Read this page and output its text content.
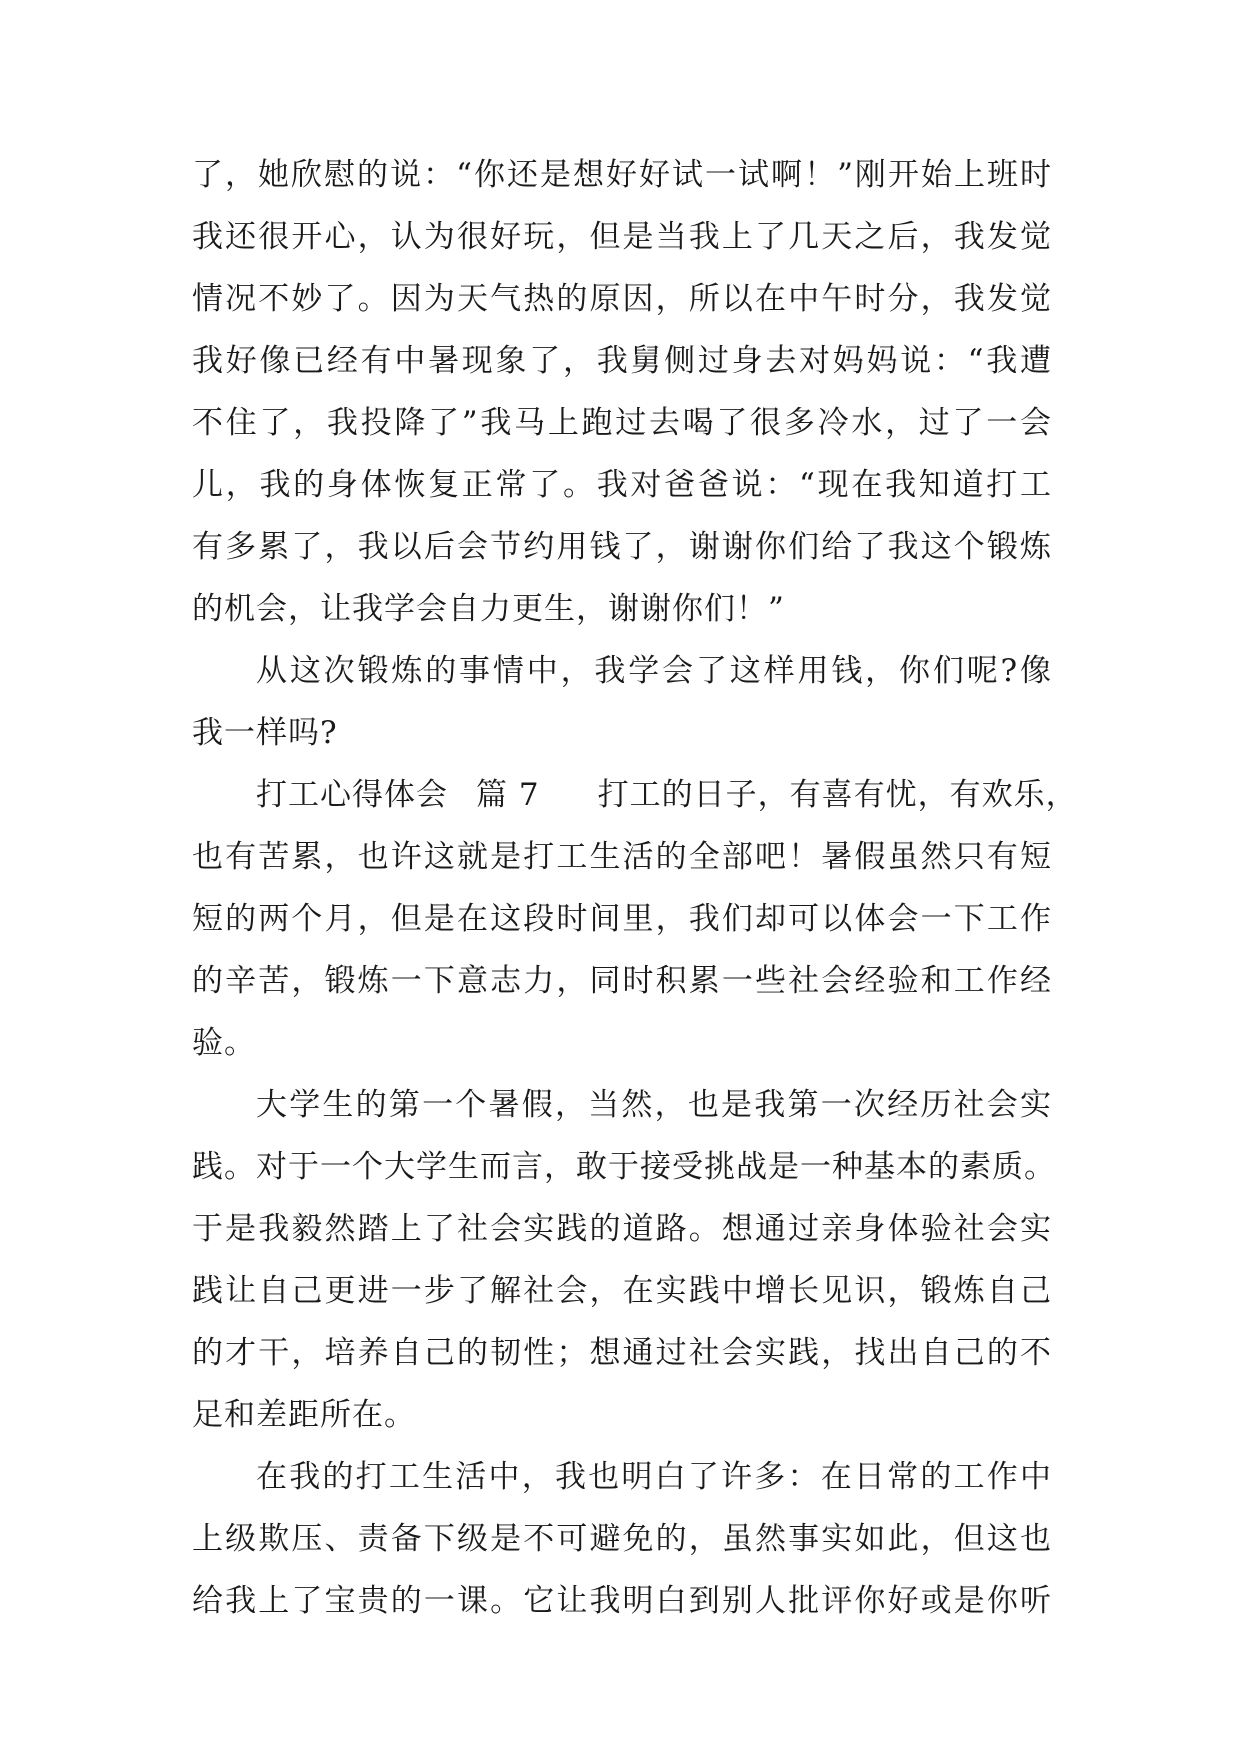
了，她欣慰的说：“你还是想好好试一试啊！”刚开始上班时
我还很开心，认为很好玩，但是当我上了几天之后，我发觉
情况不妙了。因为天气热的原因，所以在中午时分，我发觉
我好像已经有中暑现象了，我舅侧过身去对妈妈说：“我遭
不住了，我投降了”我马上跑过去喝了很多冷水，过了一会
儿，我的身体恢复正常了。我对爸爸说：“现在我知道打工
有多累了，我以后会节约用钱了，谢谢你们给了我这个锻炼
的机会，让我学会自力更生，谢谢你们！”
从这次锻炼的事情中，我学会了这样用钱，你们呢?像
我一样吗?
打工心得体会 篇 7 打工的日子，有喜有忧，有欢乐，
也有苦累，也许这就是打工生活的全部吧！暑假虽然只有短
短的两个月，但是在这段时间里，我们却可以体会一下工作
的辛苦，锻炼一下意志力，同时积累一些社会经验和工作经
验。
大学生的第一个暑假，当然，也是我第一次经历社会实
践。对于一个大学生而言，敢于接受挑战是一种基本的素质。
于是我毅然踏上了社会实践的道路。想通过亲身体验社会实
践让自己更进一步了解社会，在实践中增长见识，锻炼自己
的才干，培养自己的韧性；想通过社会实践，找出自己的不
足和差距所在。
在我的打工生活中，我也明白了许多：在日常的工作中
上级欺压、责备下级是不可避免的，虽然事实如此，但这也
给我上了宝贵的一课。它让我明白到别人批评你好或是你听
